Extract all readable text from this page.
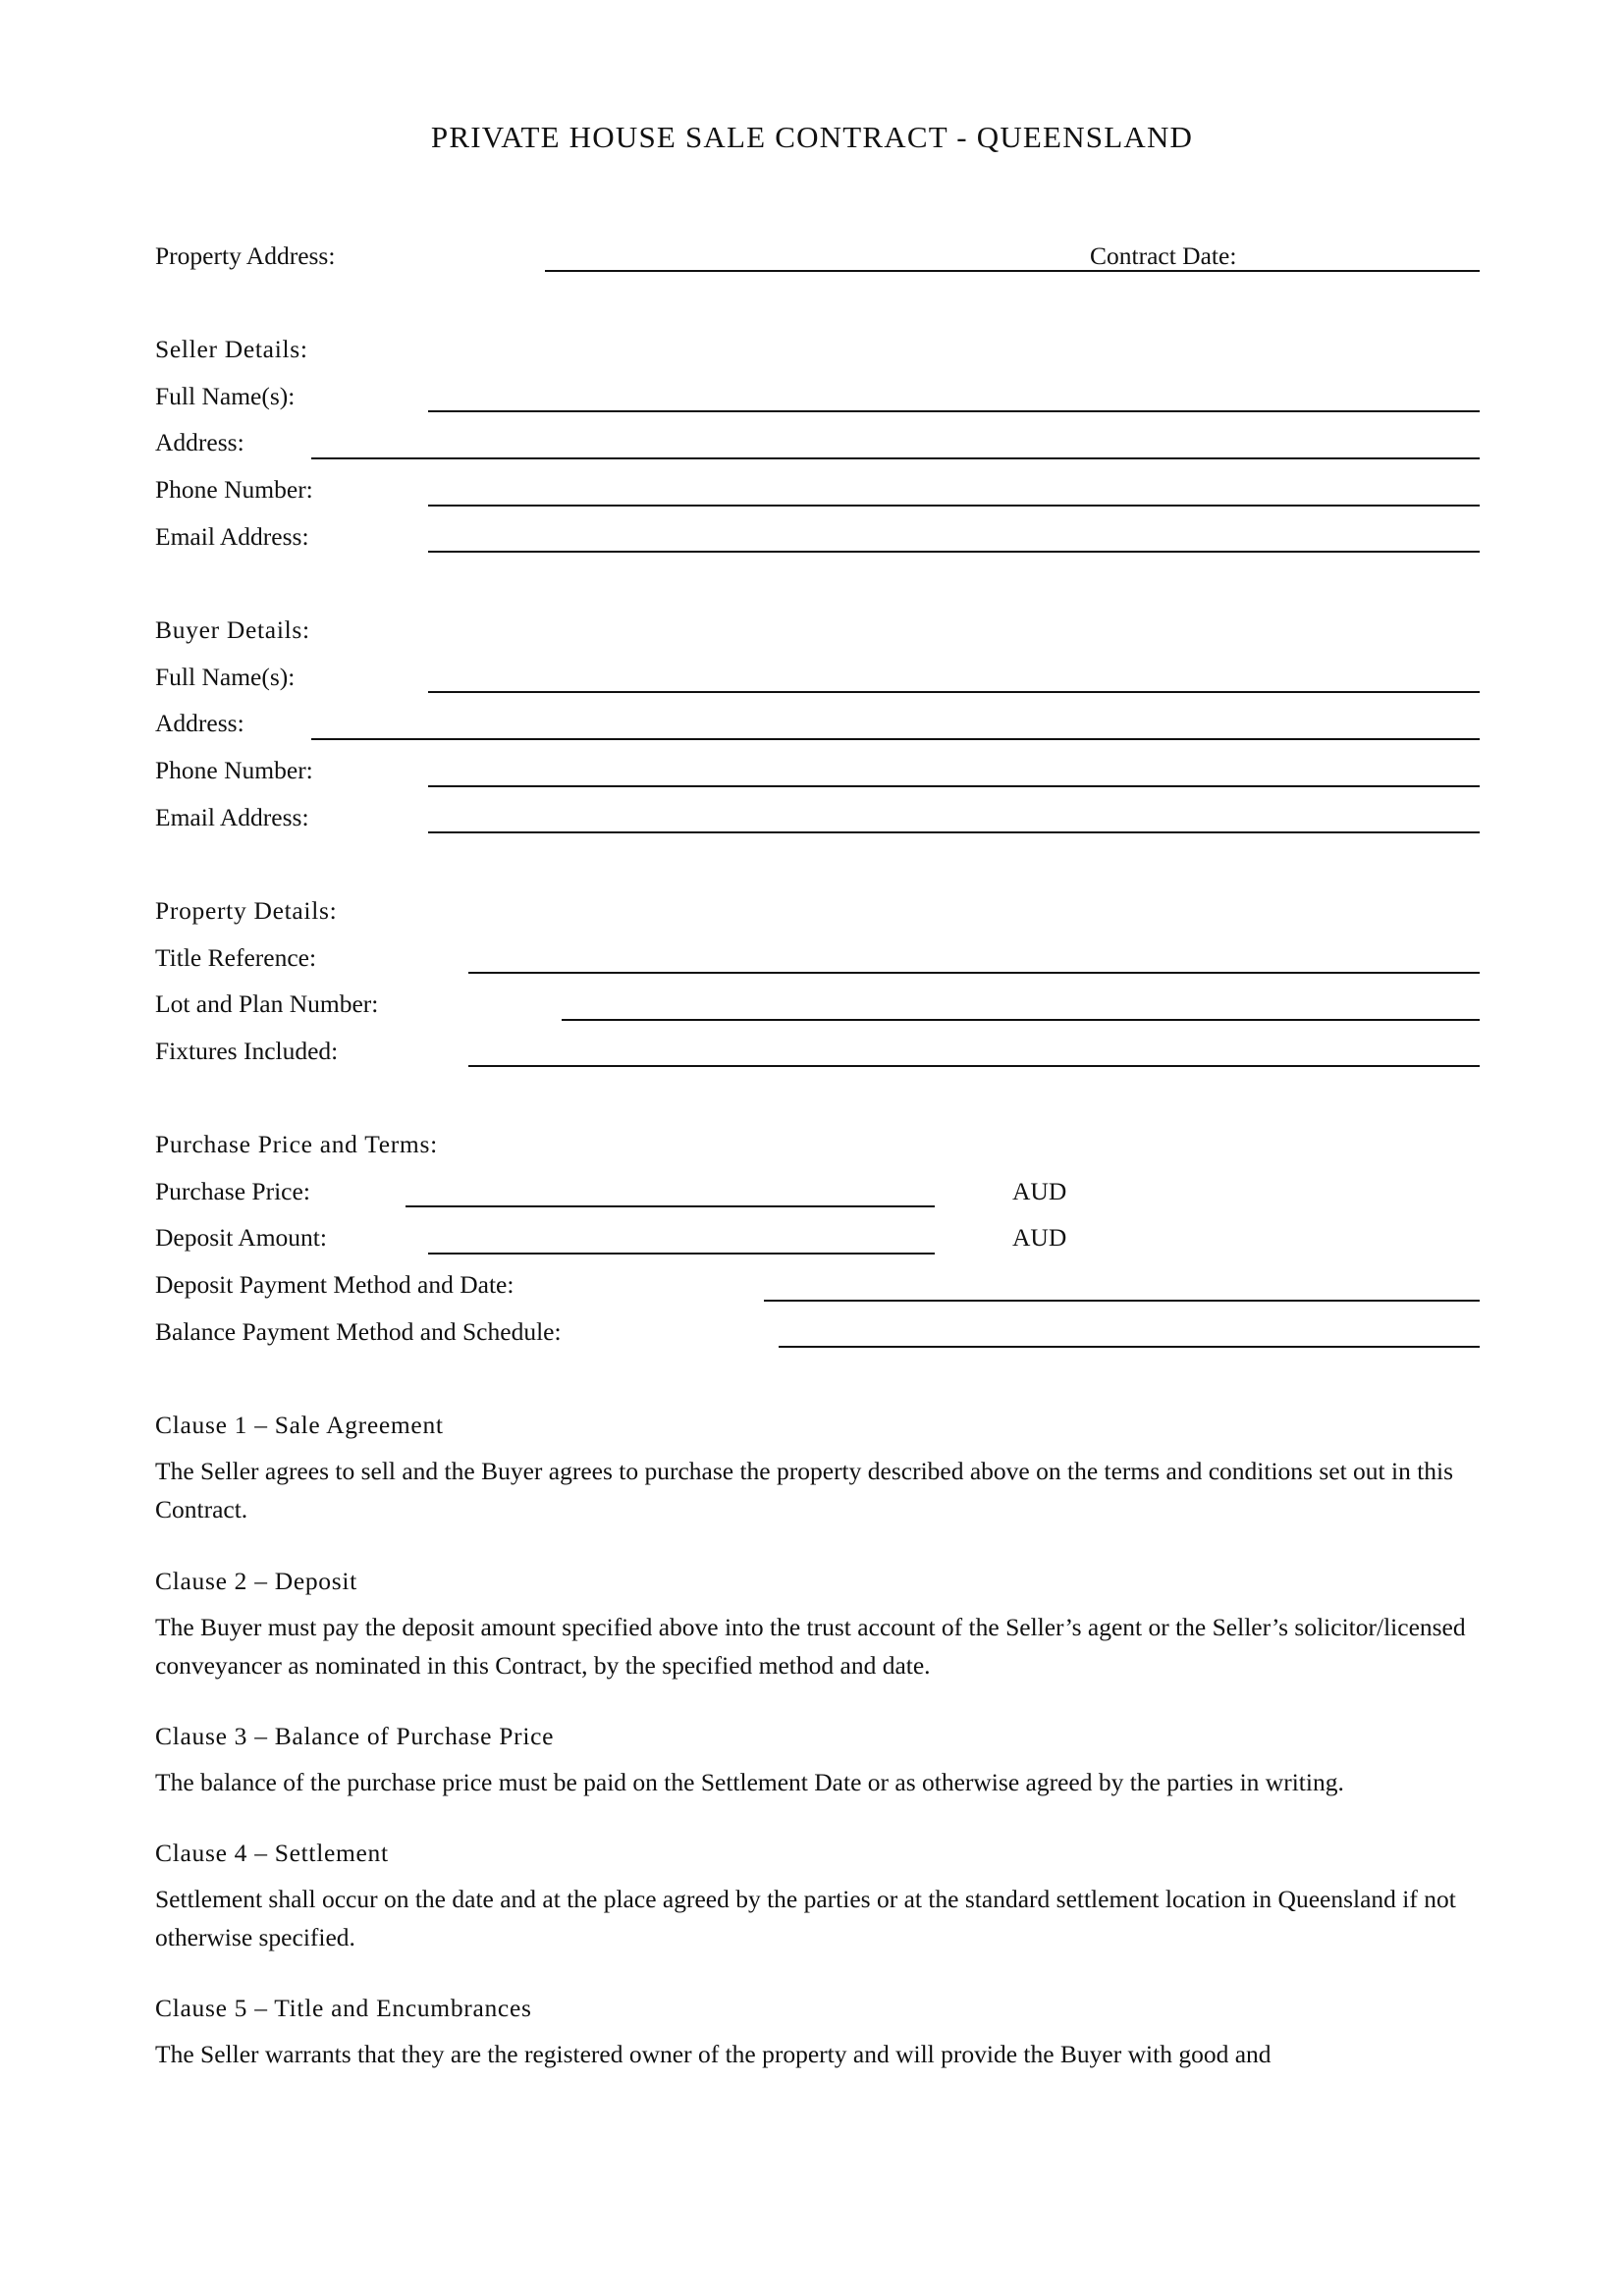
PRIVATE HOUSE SALE CONTRACT - QUEENSLAND
Property Address:	Contract Date:
Seller Details:
Full Name(s):
Address:
Phone Number:
Email Address:
Buyer Details:
Full Name(s):
Address:
Phone Number:
Email Address:
Property Details:
Title Reference:
Lot and Plan Number:
Fixtures Included:
Purchase Price and Terms:
Purchase Price:	AUD
Deposit Amount:	AUD
Deposit Payment Method and Date:
Balance Payment Method and Schedule:
Clause 1 – Sale Agreement

The Seller agrees to sell and the Buyer agrees to purchase the property described above on the terms and conditions set out in this Contract.

Clause 2 – Deposit

The Buyer must pay the deposit amount specified above into the trust account of the Seller’s agent or the Seller’s solicitor/licensed conveyancer as nominated in this Contract, by the specified method and date.

Clause 3 – Balance of Purchase Price

The balance of the purchase price must be paid on the Settlement Date or as otherwise agreed by the parties in writing.

Clause 4 – Settlement

Settlement shall occur on the date and at the place agreed by the parties or at the standard settlement location in Queensland if not otherwise specified.

Clause 5 – Title and Encumbrances

The Seller warrants that they are the registered owner of the property and will provide the Buyer with good and
